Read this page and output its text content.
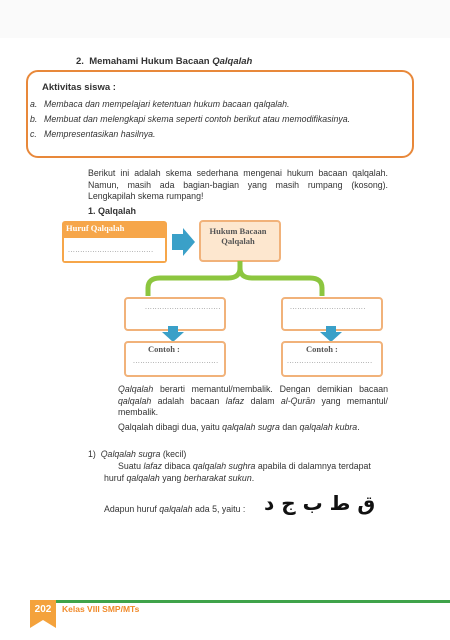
2. Memahami Hukum Bacaan Qalqalah
Aktivitas siswa :
a. Membaca dan mempelajari ketentuan hukum bacaan qalqalah.
b. Membuat dan melengkapi skema seperti contoh berikut atau memodifikasinya.
c. Mempresentasikan hasilnya.
Berikut ini adalah skema sederhana mengenai hukum bacaan qalqalah. Namun, masih ada bagian-bagian yang masih rumpang (kosong). Lengkapilah skema rumpang!
1. Qalqalah
Huruf Qalqalah
...................................
Hukum Bacaan Qalqalah
...............................	...............................
Contoh :
...................................
Contoh :
...................................
Qalqalah berarti memantul/membalik. Dengan demikian bacaan qalqalah adalah bacaan lafaz dalam al-Qurān yang memantul/ membalik.
Qalqalah dibagi dua, yaitu qalqalah sugra dan qalqalah kubra.
1) Qalqalah sugra (kecil)
Suatu lafaz dibaca qalqalah sughra apabila di dalamnya terdapat
huruf qalqalah yang berharakat sukun.
Adapun huruf qalqalah ada 5, yaitu : ق ط ب ج د
202	Kelas VIII SMP/MTs
